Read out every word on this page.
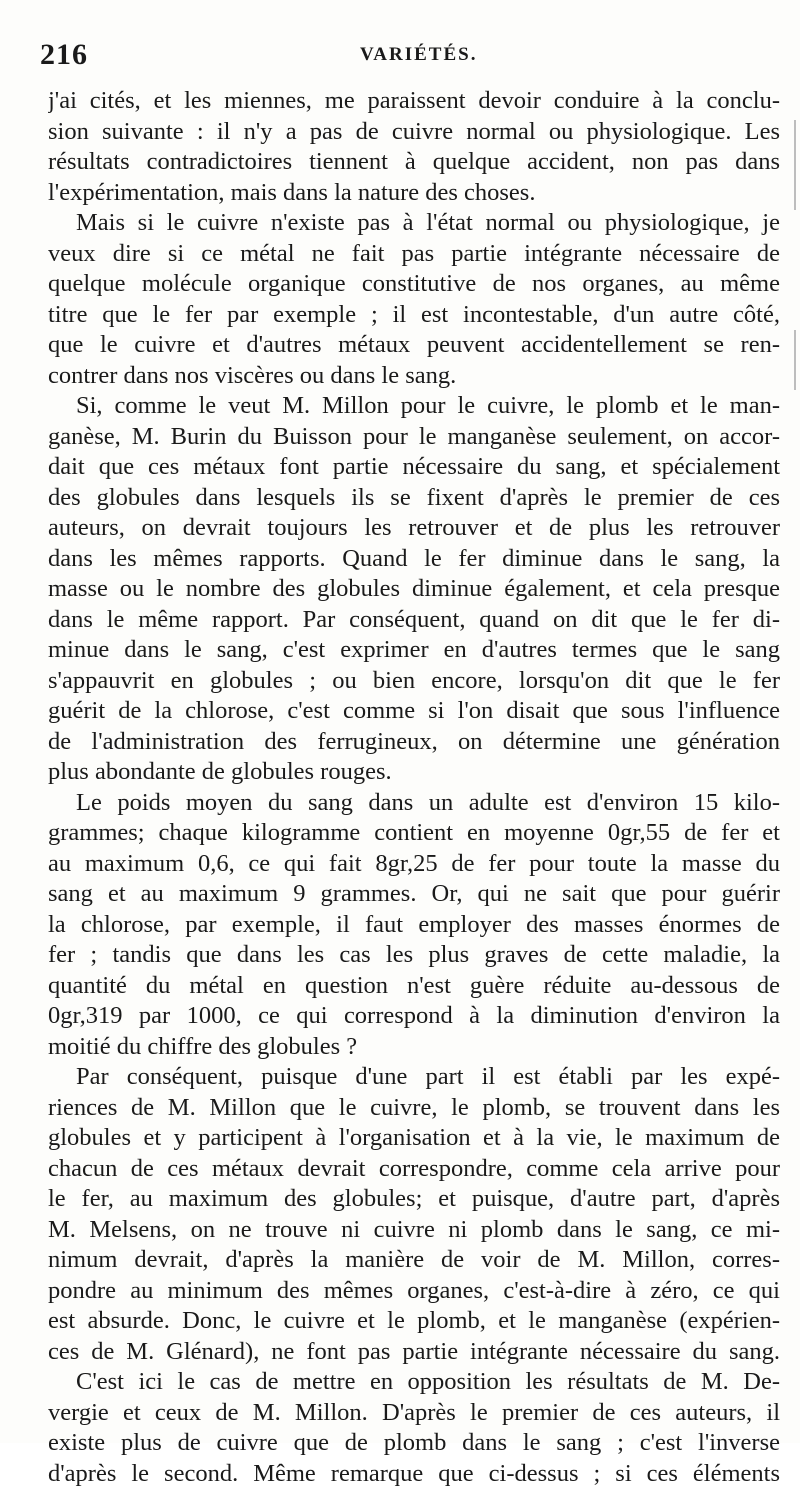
216	VARIÉTÉS.
j'ai cités, et les miennes, me paraissent devoir conduire à la conclu-
sion suivante : il n'y a pas de cuivre normal ou physiologique. Les
résultats contradictoires tiennent à quelque accident, non pas dans
l'expérimentation, mais dans la nature des choses.
Mais si le cuivre n'existe pas à l'état normal ou physiologique, je
veux dire si ce métal ne fait pas partie intégrante nécessaire de
quelque molécule organique constitutive de nos organes, au même
titre que le fer par exemple ; il est incontestable, d'un autre côté,
que le cuivre et d'autres métaux peuvent accidentellement se ren-
contrer dans nos viscères ou dans le sang.
Si, comme le veut M. Millon pour le cuivre, le plomb et le man-
ganèse, M. Burin du Buisson pour le manganèse seulement, on accor-
dait que ces métaux font partie nécessaire du sang, et spécialement
des globules dans lesquels ils se fixent d'après le premier de ces
auteurs, on devrait toujours les retrouver et de plus les retrouver
dans les mêmes rapports. Quand le fer diminue dans le sang, la
masse ou le nombre des globules diminue également, et cela presque
dans le même rapport. Par conséquent, quand on dit que le fer di-
minue dans le sang, c'est exprimer en d'autres termes que le sang
s'appauvrit en globules ; ou bien encore, lorsqu'on dit que le fer
guérit de la chlorose, c'est comme si l'on disait que sous l'influence
de l'administration des ferrugineux, on détermine une génération
plus abondante de globules rouges.
Le poids moyen du sang dans un adulte est d'environ 15 kilo-
grammes; chaque kilogramme contient en moyenne 0gr,55 de fer et
au maximum 0,6, ce qui fait 8gr,25 de fer pour toute la masse du
sang et au maximum 9 grammes. Or, qui ne sait que pour guérir
la chlorose, par exemple, il faut employer des masses énormes de
fer ; tandis que dans les cas les plus graves de cette maladie, la
quantité du métal en question n'est guère réduite au-dessous de
0gr,319 par 1000, ce qui correspond à la diminution d'environ la
moitié du chiffre des globules ?
Par conséquent, puisque d'une part il est établi par les expé-
riences de M. Millon que le cuivre, le plomb, se trouvent dans les
globules et y participent à l'organisation et à la vie, le maximum de
chacun de ces métaux devrait correspondre, comme cela arrive pour
le fer, au maximum des globules; et puisque, d'autre part, d'après
M. Melsens, on ne trouve ni cuivre ni plomb dans le sang, ce mi-
nimum devrait, d'après la manière de voir de M. Millon, corres-
pondre au minimum des mêmes organes, c'est-à-dire à zéro, ce qui
est absurde. Donc, le cuivre et le plomb, et le manganèse (expérien-
ces de M. Glénard), ne font pas partie intégrante nécessaire du sang.
C'est ici le cas de mettre en opposition les résultats de M. De-
vergie et ceux de M. Millon. D'après le premier de ces auteurs, il
existe plus de cuivre que de plomb dans le sang ; c'est l'inverse
d'après le second. Même remarque que ci-dessus ; si ces éléments
